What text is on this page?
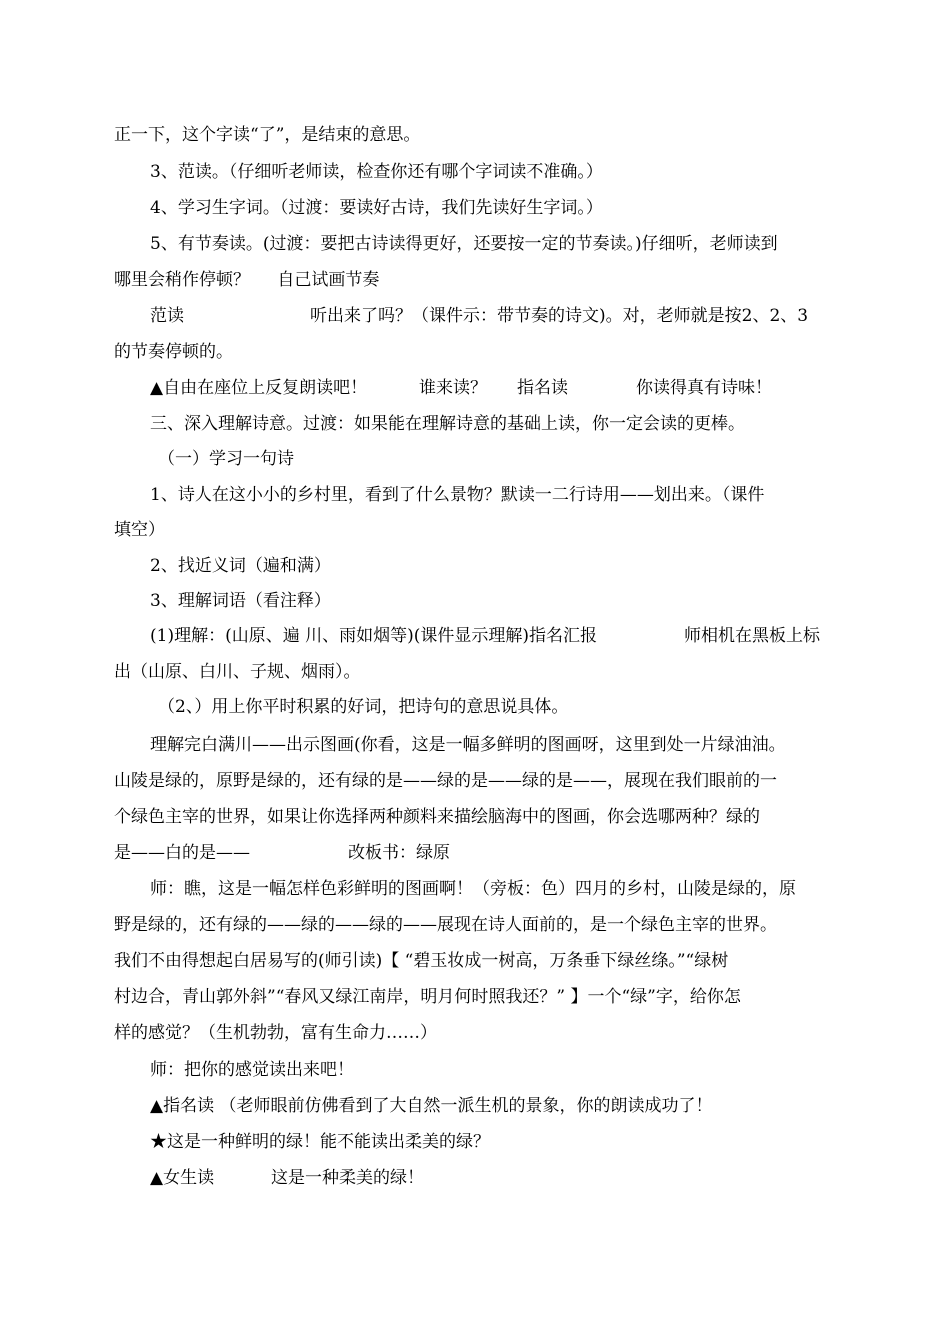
正一下，这个字读“了”，是结束的意思。
3、范读。（仔细听老师读，检查你还有哪个字词读不准确。）
4、学习生字词。（过渡：要读好古诗，我们先读好生字词。）
5、有节奏读。(过渡：要把古诗读得更好，还要按一定的节奏读。)仔细听，老师读到
哪里会稍作停顿？ 自己试画节奏
范读	听出来了吗？（课件示：带节奏的诗文)。对，老师就是按2、2、3
的节奏停顿的。
▲自由在座位上反复朗读吧！	谁来读？ 指名读	你读得真有诗味！
三、深入理解诗意。过渡：如果能在理解诗意的基础上读，你一定会读的更棒。
（一）学习一句诗
1、诗人在这小小的乡村里，看到了什么景物？默读一二行诗用——划出来。（课件
填空）
2、找近义词（遍和满）
3、理解词语（看注释）
(1)理解：(山原、遍 川、雨如烟等)(课件显示理解)指名汇报	师相机在黑板上标
出（山原、白川、子规、烟雨）。
（2、）用上你平时积累的好词，把诗句的意思说具体。
理解完白满川——出示图画(你看，这是一幅多鲜明的图画呀，这里到处一片绿油油。
山陵是绿的，原野是绿的，还有绿的是——绿的是——绿的是——，展现在我们眼前的一
个绿色主宰的世界，如果让你选择两种颜料来描绘脑海中的图画，你会选哪两种？绿的
是——白的是——	改板书：绿原
师：瞧，这是一幅怎样色彩鲜明的图画啊！（旁板：色）四月的乡村，山陵是绿的，原
野是绿的，还有绿的——绿的——绿的——展现在诗人面前的，是一个绿色主宰的世界。
我们不由得想起白居易写的(师引读)【 “碧玉妆成一树高，万条垂下绿丝绦。”“绿树
村边合，青山郭外斜”“春风又绿江南岸，明月何时照我还？” 】一个“绿”字，给你怎
样的感觉？（生机勃勃，富有生命力……）
师：把你的感觉读出来吧！
▲指名读 （老师眼前仿佛看到了大自然一派生机的景象，你的朗读成功了！
★这是一种鲜明的绿！能不能读出柔美的绿？
▲女生读	这是一种柔美的绿！
